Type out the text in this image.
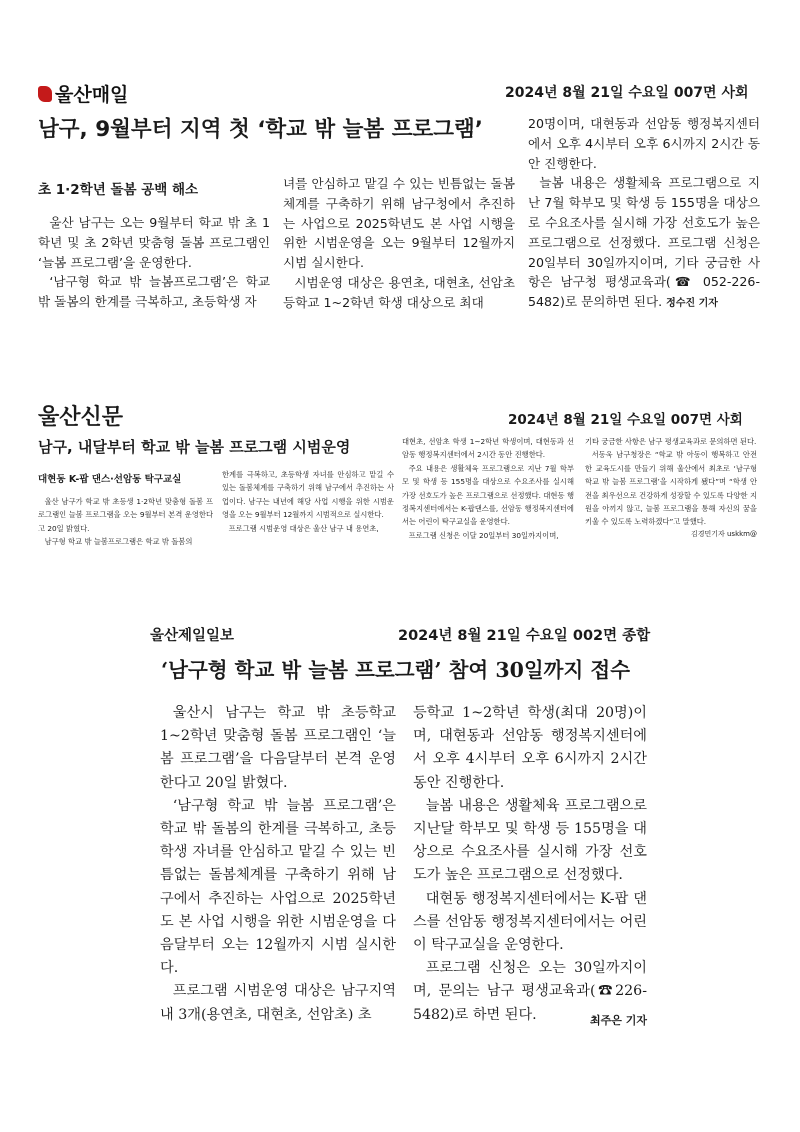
울산매일	2024년 8월 21일 수요일 007면 사회
남구, 9월부터 지역 첫 ‘학교 밖 늘봄 프로그램’
초 1·2학년 돌봄 공백 해소

울산 남구는 오는 9월부터 학교 밖 초 1학년 및 초 2학년 맞춤형 돌봄 프로그램인 ‘늘봄 프로그램’을 운영한다.

‘남구형 학교 밖 늘봄프로그램’은 학교 밖 돌봄의 한계를 극복하고, 초등학생 자

녀를 안심하고 맡길 수 있는 빈틈없는 돌봄체계를 구축하기 위해 남구청에서 추진하는 사업으로 2025학년도 본 사업 시행을 위한 시범운영을 오는 9월부터 12월까지 시범 실시한다.

시범운영 대상은 용연초, 대현초, 선암초등학교 1~2학년 학생 대상으로 최대

20명이며, 대현동과 선암동 행정복지센터에서 오후 4시부터 오후 6시까지 2시간 동안 진행한다.

늘봄 내용은 생활체육 프로그램으로 지난 7월 학부모 및 학생 등 155명을 대상으로 수요조사를 실시해 가장 선호도가 높은 프로그램으로 선정했다. 프로그램 신청은 20일부터 30일까지이며, 기타 궁금한 사항은 남구청 평생교육과(☎ 052-226-5482)로 문의하면 된다. 정수진 기자

울산신문	2024년 8월 21일 수요일 007면 사회
남구, 내달부터 학교 밖 늘봄 프로그램 시범운영
대현동 K-팝 댄스·선암동 탁구교실

울산 남구가 학교 밖 초등생 1·2학년 맞춤형 돌봄 프로그램인 늘봄 프로그램을 오는 9월부터 본격 운영한다고 20일 밝혔다.

남구형 학교 밖 늘봄프로그램은 학교 밖 돌봄의

한계를 극복하고, 초등학생 자녀를 안심하고 맡길 수 있는 돌봄체계를 구축하기 위해 남구에서 추진하는 사업이다. 남구는 내년에 해당 사업 시행을 위한 시범운영을 오는 9월부터 12월까지 시범적으로 실시한다.

프로그램 시범운영 대상은 울산 남구 내 용연초,

대현초, 선암초 학생 1~2학년 학생이며, 대현동과 선암동 행정복지센터에서 2시간 동안 진행한다.

주요 내용은 생활체육 프로그램으로 지난 7월 학부모 및 학생 등 155명을 대상으로 수요조사를 실시해 가장 선호도가 높은 프로그램으로 선정했다. 대현동 행정복지센터에서는 K-팝댄스를, 선암동 행정복지센터에서는 어린이 탁구교실을 운영한다.

프로그램 신청은 이달 20일부터 30일까지이며,

기타 궁금한 사항은 남구 평생교육과로 문의하면 된다.

서동욱 남구청장은 “학교 밖 아동이 행복하고 안전한 교육도시를 만들기 위해 울산에서 최초로 ‘남구형 학교 밖 늘봄 프로그램’을 시작하게 됐다”며 “학생 안전을 최우선으로 건강하게 성장할 수 있도록 다양한 지원을 아끼지 않고, 늘봄 프로그램을 통해 자신의 꿈을 키울 수 있도록 노력하겠다”고 말했다.

김경민기자 uskkm@
울산제일일보	2024년 8월 21일 수요일 002면 종합
‘남구형 학교 밖 늘봄 프로그램’ 참여 30일까지 접수

울산시 남구는 학교 밖 초등학교 1~2학년 맞춤형 돌봄 프로그램인 ‘늘봄 프로그램’을 다음달부터 본격 운영한다고 20일 밝혔다.

‘남구형 학교 밖 늘봄 프로그램’은 학교 밖 돌봄의 한계를 극복하고, 초등학생 자녀를 안심하고 맡길 수 있는 빈틈없는 돌봄체계를 구축하기 위해 남구에서 추진하는 사업으로 2025학년도 본 사업 시행을 위한 시범운영을 다음달부터 오는 12월까지 시범 실시한다.

프로그램 시범운영 대상은 남구지역 내 3개(용연초, 대현초, 선암초) 초

등학교 1~2학년 학생(최대 20명)이며, 대현동과 선암동 행정복지센터에서 오후 4시부터 오후 6시까지 2시간 동안 진행한다.

늘봄 내용은 생활체육 프로그램으로 지난달 학부모 및 학생 등 155명을 대상으로 수요조사를 실시해 가장 선호도가 높은 프로그램으로 선정했다.

대현동 행정복지센터에서는 K-팝 댄스를 선암동 행정복지센터에서는 어린이 탁구교실을 운영한다.

프로그램 신청은 오는 30일까지이며, 문의는 남구 평생교육과(☎226-5482)로 하면 된다.	최주은 기자
